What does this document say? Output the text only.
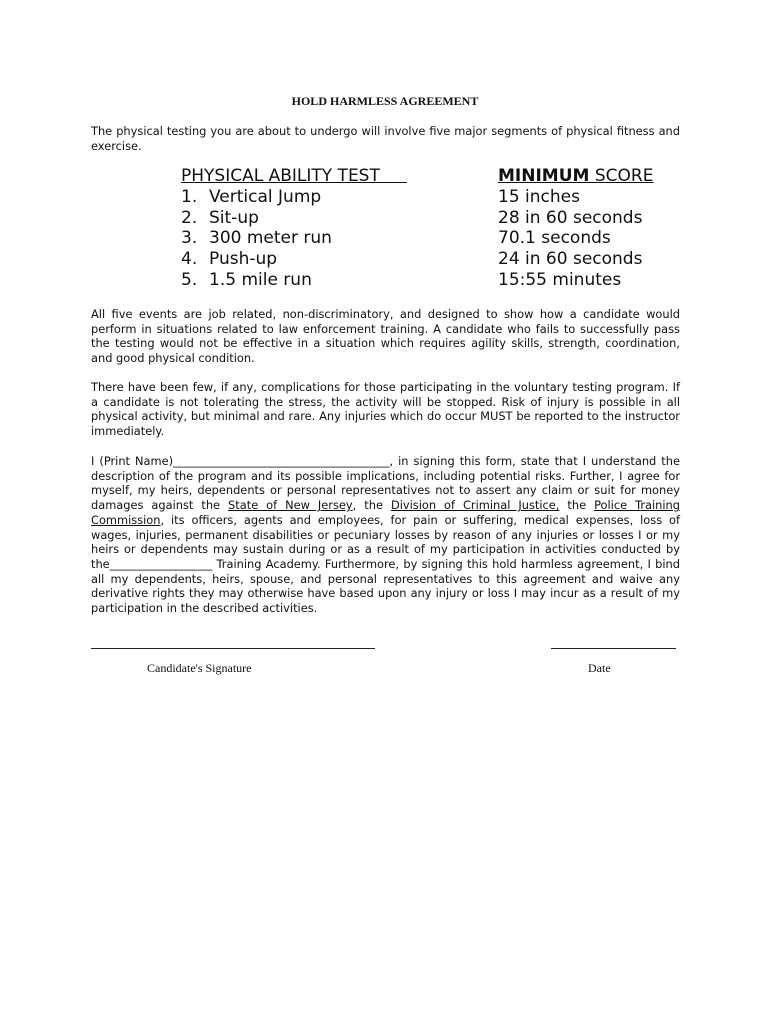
HOLD HARMLESS AGREEMENT

The physical testing you are about to undergo will involve five major segments of physical fitness and exercise.

PHYSICAL ABILITY TEST
1. Vertical Jump
2. Sit-up
3. 300 meter run
4. Push-up
5. 1.5 mile run
MINIMUM SCORE
15 inches
28 in 60 seconds
70.1 seconds
24 in 60 seconds
15:55 minutes

All five events are job related, non-discriminatory, and designed to show how a candidate would perform in situations related to law enforcement training. A candidate who fails to successfully pass the testing would not be effective in a situation which requires agility skills, strength, coordination, and good physical condition.

There have been few, if any, complications for those participating in the voluntary testing program. If a candidate is not tolerating the stress, the activity will be stopped. Risk of injury is possible in all physical activity, but minimal and rare. Any injuries which do occur MUST be reported to the instructor immediately.

I (Print Name)______________________________________, in signing this form, state that I understand the description of the program and its possible implications, including potential risks. Further, I agree for myself, my heirs, dependents or personal representatives not to assert any claim or suit for money damages against the State of New Jersey, the Division of Criminal Justice, the Police Training Commission, its officers, agents and employees, for pain or suffering, medical expenses, loss of wages, injuries, permanent disabilities or pecuniary losses by reason of any injuries or losses I or my heirs or dependents may sustain during or as a result of my participation in activities conducted by the__________________ Training Academy. Furthermore, by signing this hold harmless agreement, I bind all my dependents, heirs, spouse, and personal representatives to this agreement and waive any derivative rights they may otherwise have based upon any injury or loss I may incur as a result of my participation in the described activities.

Candidate's Signature	Date
